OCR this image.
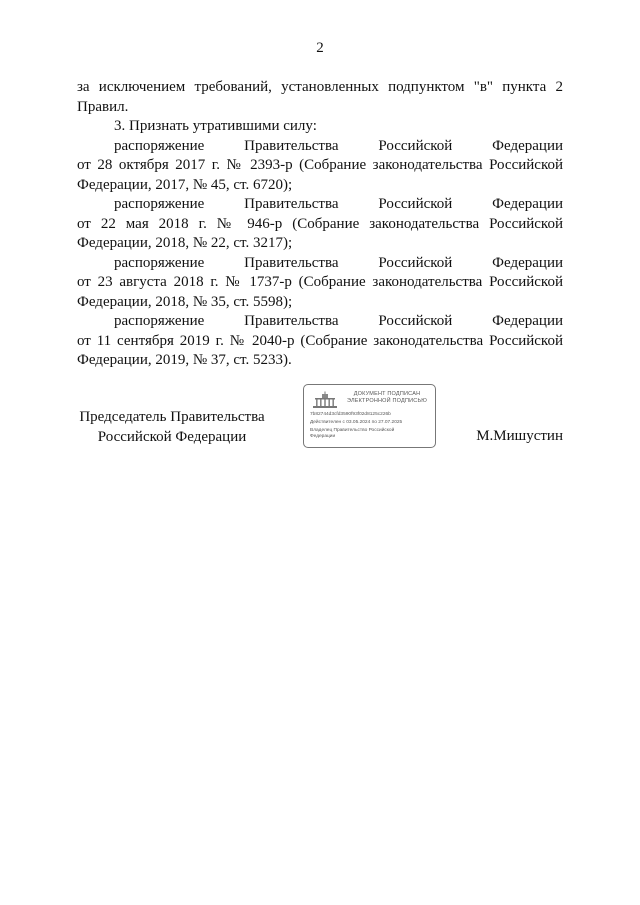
2

за исключением требований, установленных подпунктом "в" пункта 2 Правил.

3. Признать утратившими силу:

распоряжение Правительства Российской Федерации

от 28 октября 2017 г. № 2393-р (Собрание законодательства Российской Федерации, 2017, № 45, ст. 6720);

распоряжение Правительства Российской Федерации

от 22 мая 2018 г. № 946-р (Собрание законодательства Российской Федерации, 2018, № 22, ст. 3217);

распоряжение Правительства Российской Федерации

от 23 августа 2018 г. № 1737-р (Собрание законодательства Российской Федерации, 2018, № 35, ст. 5598);

распоряжение Правительства Российской Федерации

от 11 сентября 2019 г. № 2040-р (Собрание законодательства Российской Федерации, 2019, № 37, ст. 5233).

Председатель Правительства
Российской Федерации
ДОКУМЕНТ ПОДПИСАН
ЭЛЕКТРОННОЙ ПОДПИСЬЮ
7b82744d3cfd3590f93f02d8125c226b
Действителен с 03.05.2024 по 27.07.2025
Владелец Правительство Российской
Федерации	М.Мишустин
